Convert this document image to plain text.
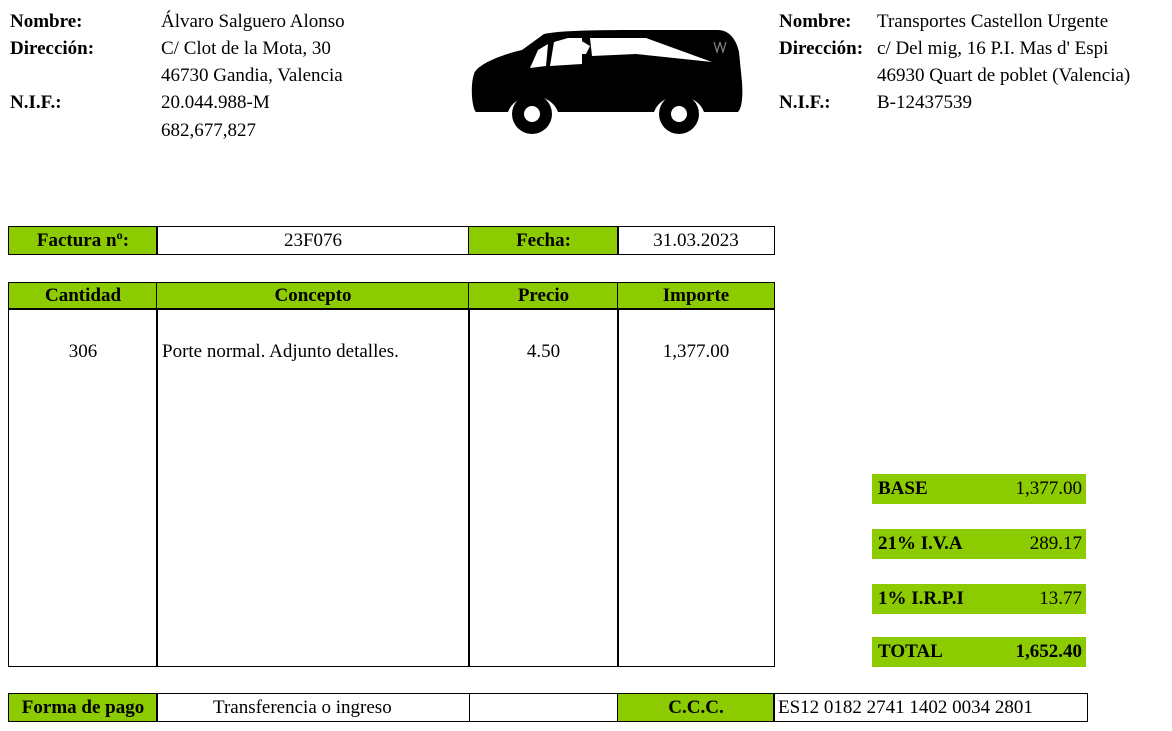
Nombre:	Álvaro Salguero Alonso
Dirección:	C/ Clot de la Mota, 30
46730 Gandia, Valencia
N.I.F.:	20.044.988-M
682,677,827
Nombre: Transportes Castellon Urgente
Dirección: c/ Del mig, 16 P.I. Mas d' Espi
46930 Quart de poblet (Valencia)
N.I.F.: B-12437539
Factura nº:	23F076	Fecha:	31.03.2023
Cantidad	Concepto	Precio	Importe
306	Porte normal. Adjunto detalles.	4.50	1,377.00
BASE	1,377.00
21% I.V.A	289.17
1% I.R.P.I	13.77
TOTAL	1,652.40
Forma de pago	Transferencia o ingreso	C.C.C.	ES12 0182 2741 1402 0034 2801
